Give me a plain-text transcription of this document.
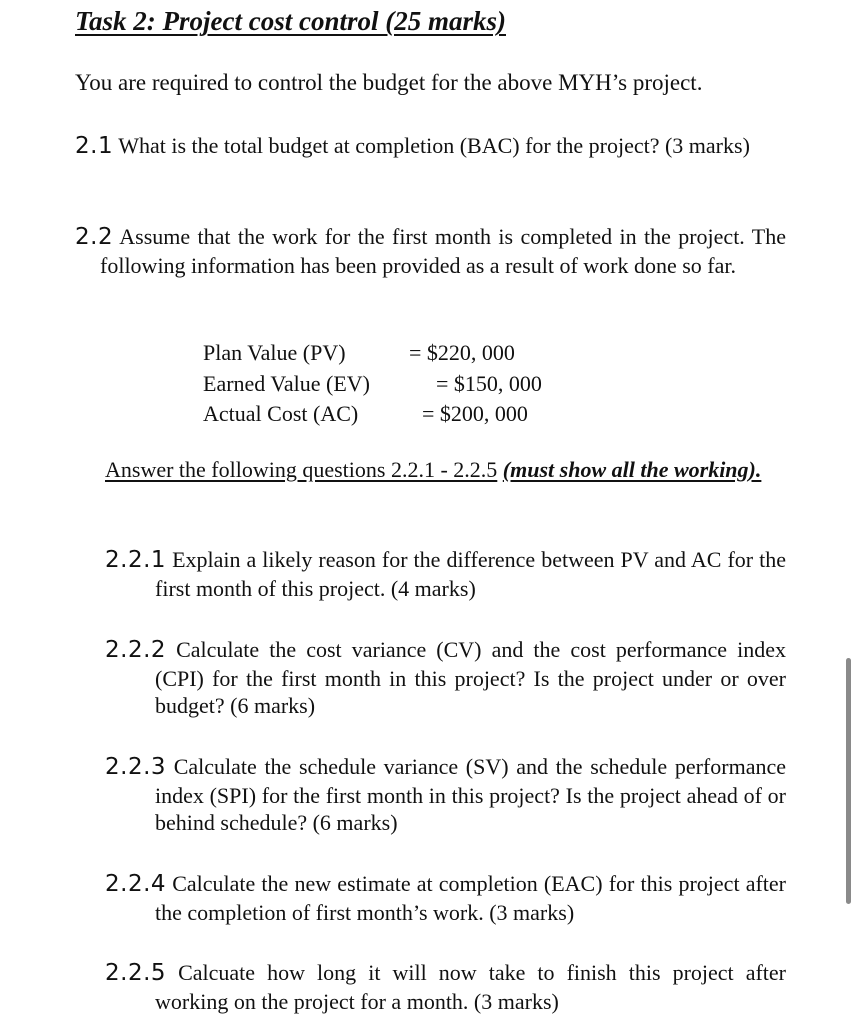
Task 2: Project cost control (25 marks)

You are required to control the budget for the above MYH’s project.

2.1 What is the total budget at completion (BAC) for the project? (3 marks)

2.2 Assume that the work for the first month is completed in the project. The following information has been provided as a result of work done so far.

Plan Value (PV)	= $220, 000
Earned Value (EV)	= $150, 000
Actual Cost (AC)	= $200, 000

Answer the following questions 2.2.1 - 2.2.5 (must show all the working).

2.2.1 Explain a likely reason for the difference between PV and AC for the first month of this project. (4 marks)

2.2.2 Calculate the cost variance (CV) and the cost performance index (CPI) for the first month in this project? Is the project under or over budget? (6 marks)

2.2.3 Calculate the schedule variance (SV) and the schedule performance index (SPI) for the first month in this project? Is the project ahead of or behind schedule? (6 marks)

2.2.4 Calculate the new estimate at completion (EAC) for this project after the completion of first month’s work. (3 marks)

2.2.5 Calcuate how long it will now take to finish this project after working on the project for a month. (3 marks)
